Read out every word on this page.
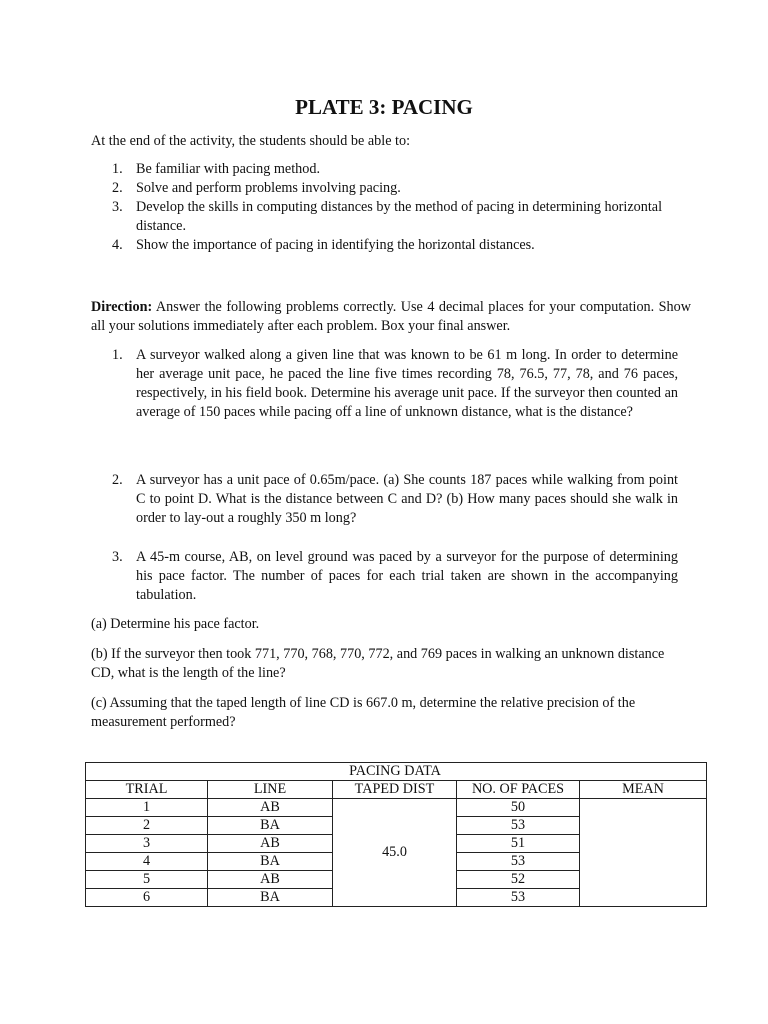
PLATE 3: PACING
At the end of the activity, the students should be able to:
1. Be familiar with pacing method.
2. Solve and perform problems involving pacing.
3. Develop the skills in computing distances by the method of pacing in determining horizontal distance.
4. Show the importance of pacing in identifying the horizontal distances.

Direction: Answer the following problems correctly. Use 4 decimal places for your computation. Show all your solutions immediately after each problem. Box your final answer.

1. A surveyor walked along a given line that was known to be 61 m long. In order to determine her average unit pace, he paced the line five times recording 78, 76.5, 77, 78, and 76 paces, respectively, in his field book. Determine his average unit pace. If the surveyor then counted an average of 150 paces while pacing off a line of unknown distance, what is the distance?
2. A surveyor has a unit pace of 0.65m/pace. (a) She counts 187 paces while walking from point C to point D. What is the distance between C and D? (b) How many paces should she walk in order to lay-out a roughly 350 m long?
3. A 45-m course, AB, on level ground was paced by a surveyor for the purpose of determining his pace factor. The number of paces for each trial taken are shown in the accompanying tabulation.

(a) Determine his pace factor.

(b) If the surveyor then took 771, 770, 768, 770, 772, and 769 paces in walking an unknown distance CD, what is the length of the line?

(c) Assuming that the taped length of line CD is 667.0 m, determine the relative precision of the measurement performed?

PACING DATA				
TRIAL	LINE	TAPED DIST	NO. OF PACES	MEAN
1	AB	45.0	50	
2	BA		53	
3	AB		51	
4	BA		53	
5	AB		52	
6	BA		53	
